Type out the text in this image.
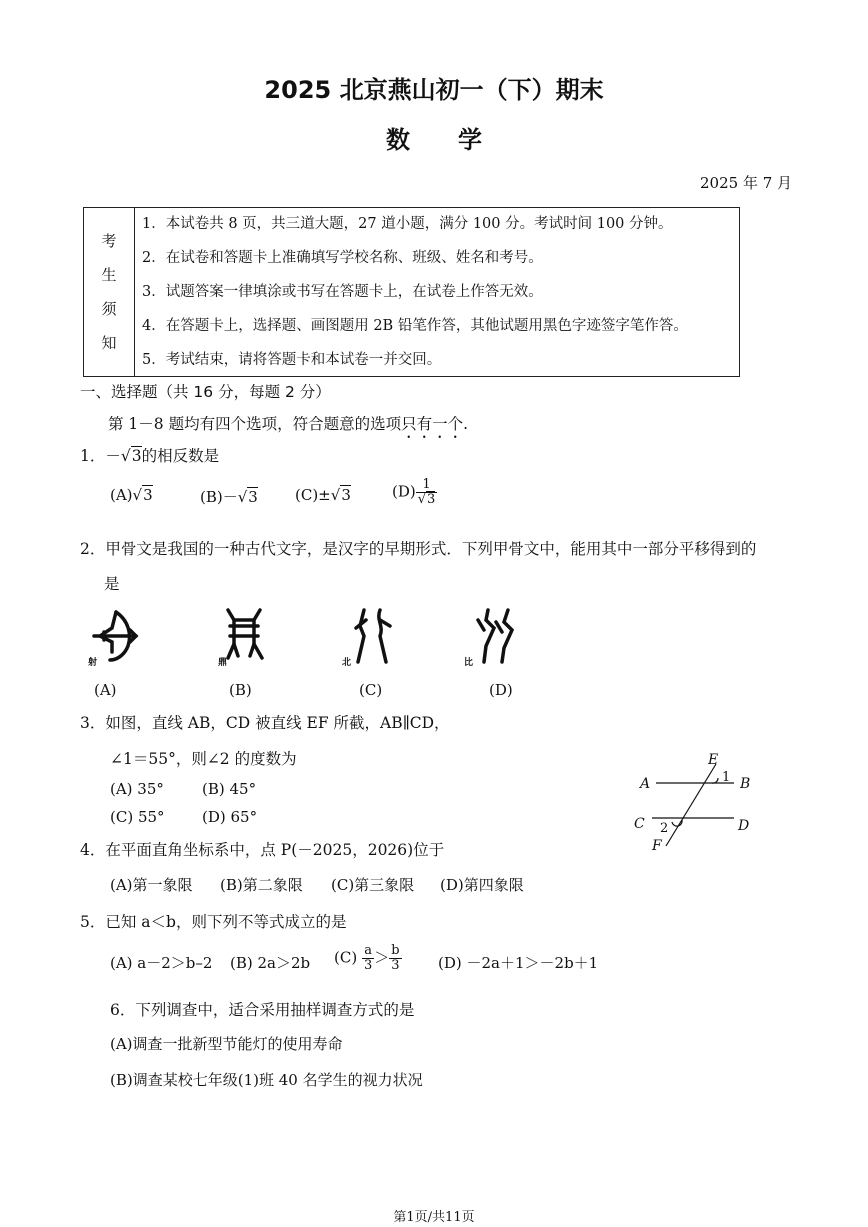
2025 北京燕山初一（下）期末
数　　学
2025 年 7 月
考
生
须
知
1．本试卷共 8 页，共三道大题，27 道小题，满分 100 分。考试时间 100 分钟。
2．在试卷和答题卡上准确填写学校名称、班级、姓名和考号。
3．试题答案一律填涂或书写在答题卡上，在试卷上作答无效。
4．在答题卡上，选择题、画图题用 2B 铅笔作答，其他试题用黑色字迹签字笔作答。
5．考试结束，请将答题卡和本试卷一并交回。
一、选择题（共 16 分，每题 2 分）
第 1－8 题均有四个选项，符合题意的选项只有一个.
1．－√3的相反数是
(A)√3	(B)－√3 (C)±√3	$(D) \frac{1}{√3}$
2．甲骨文是我国的一种古代文字，是汉字的早期形式．下列甲骨文中，能用其中一部分平移得到的
是
射	鼎	北	比
(A)	(B)	(C)	(D)
3．如图，直线 AB，CD 被直线 EF 所截，AB∥CD，
∠1＝55°，则∠2 的度数为
(A) 35°	(B) 45°
(C) 55° (D) 65°
A	B
C	D
E
F
1
2
4．在平面直角坐标系中，点 P(－2025，2026)位于
(A)第一象限 (B)第二象限 (C)第三象限 (D)第四象限
5．已知 a＜b，则下列不等式成立的是
(A) a－2＞b–2 (B) 2a＞2b $(C) \frac{a}{3} > \frac{b}{3} (D) -2a+1>-2b+1$
6．下列调查中，适合采用抽样调查方式的是
(A)调查一批新型节能灯的使用寿命
(B)调查某校七年级(1)班 40 名学生的视力状况
第1页/共11页
